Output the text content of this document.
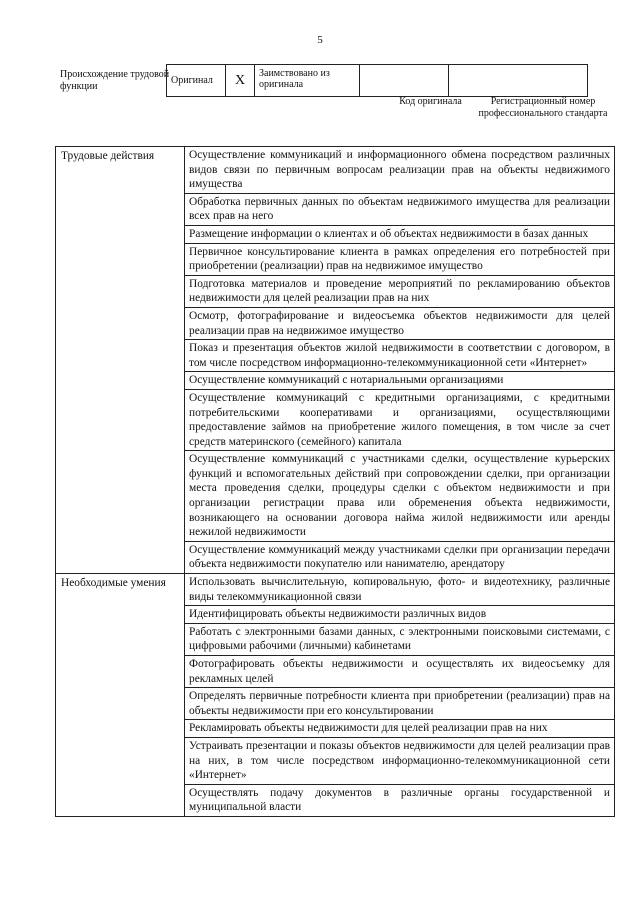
5
Происхождение трудовой функции
Оригинал	X	Заимствовано из оригинала		
Код оригинала	Регистрационный номер профессионального стандарта
Трудовые действия	Осуществление коммуникаций и информационного обмена посредством различных видов связи по первичным вопросам реализации прав на объекты недвижимого имущества
	Обработка первичных данных по объектам недвижимого имущества для реализации всех прав на него
	Размещение информации о клиентах и об объектах недвижимости в базах данных
	Первичное консультирование клиента в рамках определения его потребностей при приобретении (реализации) прав на недвижимое имущество
	Подготовка материалов и проведение мероприятий по рекламированию объектов недвижимости для целей реализации прав на них
	Осмотр, фотографирование и видеосъемка объектов недвижимости для целей реализации прав на недвижимое имущество
	Показ и презентация объектов жилой недвижимости в соответствии с договором, в том числе посредством информационно-телекоммуникационной сети «Интернет»
	Осуществление коммуникаций с нотариальными организациями
	Осуществление коммуникаций с кредитными организациями, с кредитными потребительскими кооперативами и организациями, осуществляющими предоставление займов на приобретение жилого помещения, в том числе за счет средств материнского (семейного) капитала
	Осуществление коммуникаций с участниками сделки, осуществление курьерских функций и вспомогательных действий при сопровождении сделки, при организации места проведения сделки, процедуры сделки с объектом недвижимости и при организации регистрации права или обременения объекта недвижимости, возникающего на основании договора найма жилой недвижимости или аренды нежилой недвижимости
	Осуществление коммуникаций между участниками сделки при организации передачи объекта недвижимости покупателю или нанимателю, арендатору
Необходимые умения	Использовать вычислительную, копировальную, фото- и видеотехнику, различные виды телекоммуникационной связи
	Идентифицировать объекты недвижимости различных видов
	Работать с электронными базами данных, с электронными поисковыми системами, с цифровыми рабочими (личными) кабинетами
	Фотографировать объекты недвижимости и осуществлять их видеосъемку для рекламных целей
	Определять первичные потребности клиента при приобретении (реализации) прав на объекты недвижимости при его консультировании
	Рекламировать объекты недвижимости для целей реализации прав на них
	Устраивать презентации и показы объектов недвижимости для целей реализации прав на них, в том числе посредством информационно-телекоммуникационной сети «Интернет»
	Осуществлять подачу документов в различные органы государственной и муниципальной власти
